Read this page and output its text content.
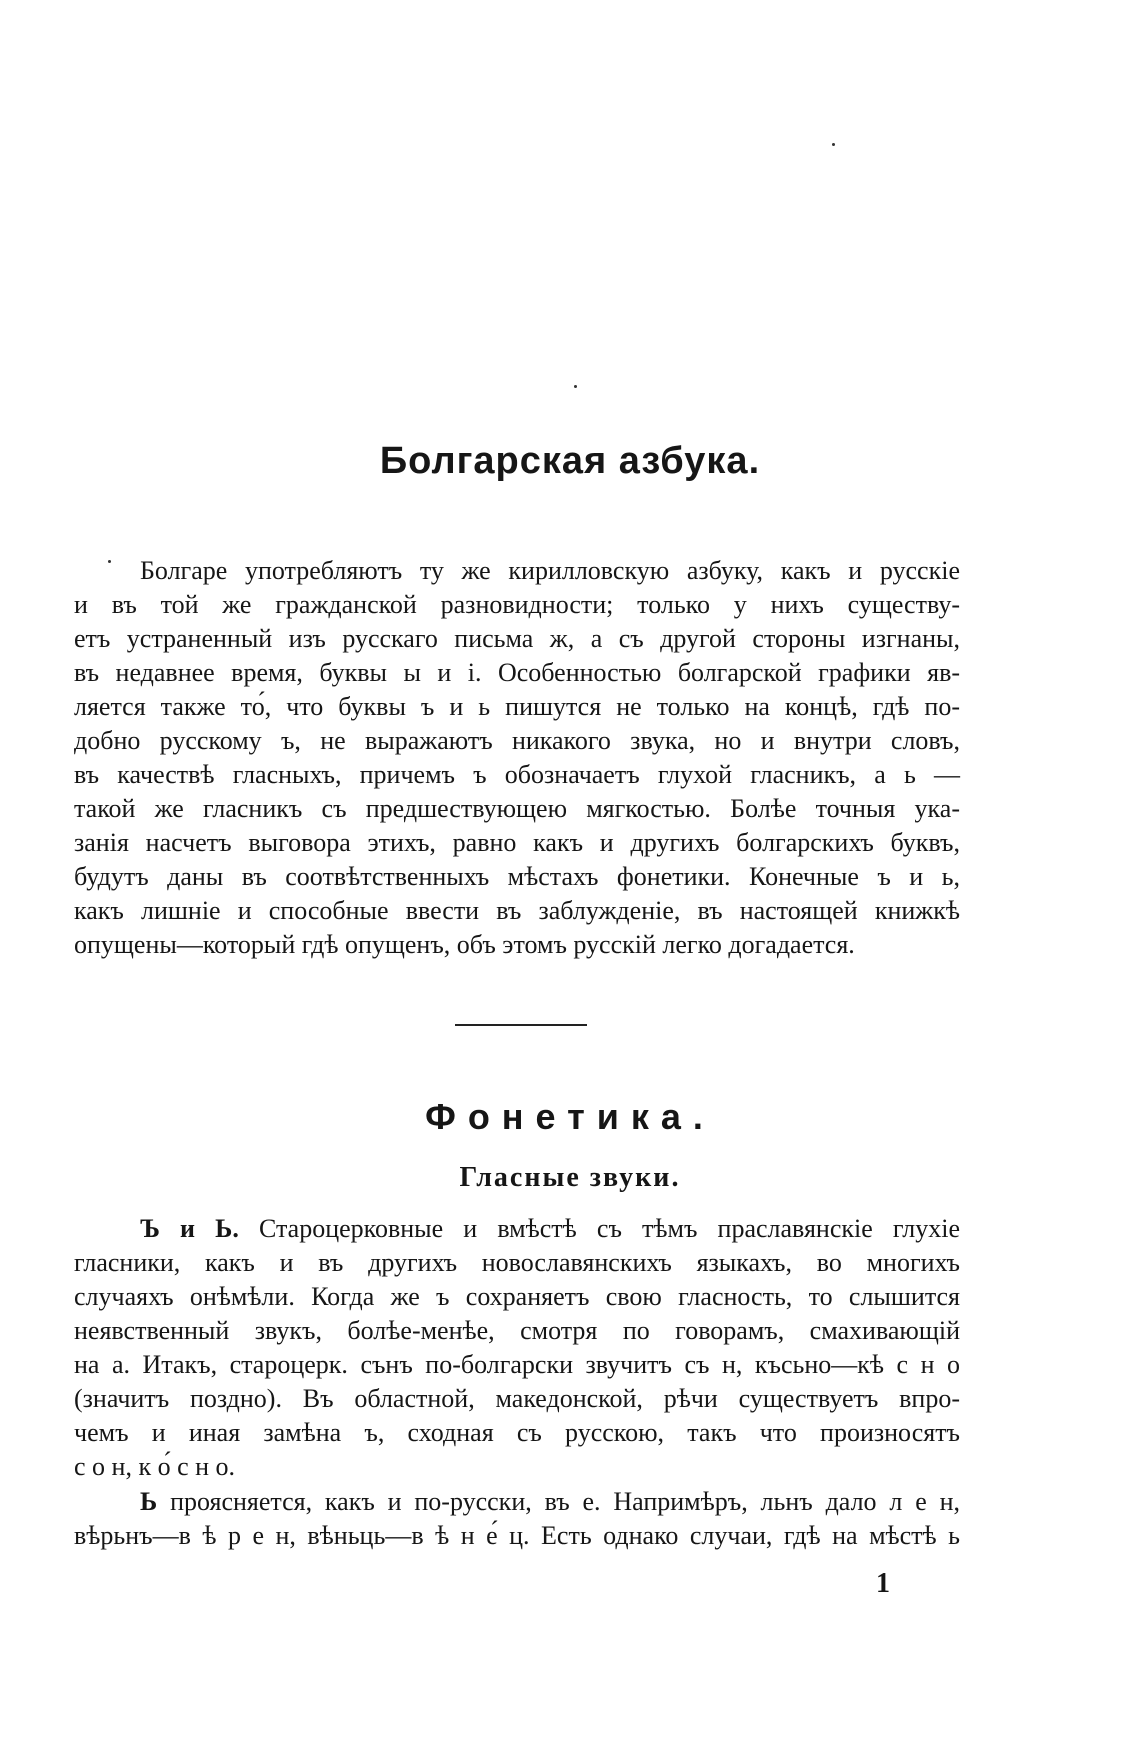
Болгарская азбука.
Болгаре употребляютъ ту же кирилловскую азбуку, какъ и русскіе
и въ той же гражданской разновидности; только у нихъ существу-
етъ устраненный изъ русскаго письма ж, а съ другой стороны изгнаны,
въ недавнее время, буквы ы и і. Особенностью болгарской графики яв-
ляется также то́, что буквы ъ и ь пишутся не только на концѣ, гдѣ по-
добно русскому ъ, не выражаютъ никакого звука, но и внутри словъ,
въ качествѣ гласныхъ, причемъ ъ обозначаетъ глухой гласникъ, а ь —
такой же гласникъ съ предшествующею мягкостью. Болѣе точныя ука-
занія насчетъ выговора этихъ, равно какъ и другихъ болгарскихъ буквъ,
будутъ даны въ соотвѣтственныхъ мѣстахъ фонетики. Конечные ъ и ь,
какъ лишніе и способные ввести въ заблужденіе, въ настоящей книжкѣ
опущены—который гдѣ опущенъ, объ этомъ русскій легко догадается.
Фонетика.
Гласные звуки.
Ъ и Ь. Староцерковные и вмѣстѣ съ тѣмъ праславянскіе глухіе
гласники, какъ и въ другихъ новославянскихъ языкахъ, во многихъ
случаяхъ онѣмѣли. Когда же ъ сохраняетъ свою гласность, то слышится
неявственный звукъ, болѣе-менѣе, смотря по говорамъ, смахивающій
на а. Итакъ, староцерк. сънъ по-болгарски звучитъ съ н, късьно—кѣ с н о
(значитъ поздно). Въ областной, македонской, рѣчи существуетъ впро-
чемъ и иная замѣна ъ, сходная съ русскою, такъ что произносятъ
с о н, к о́ с н о.
Ь проясняется, какъ и по-русски, въ е. Напримѣръ, льнъ дало л е н,
вѣрьнъ—в ѣ р е н, вѣньць—в ѣ н е́ ц. Есть однако случаи, гдѣ на мѣстѣ ь
1
